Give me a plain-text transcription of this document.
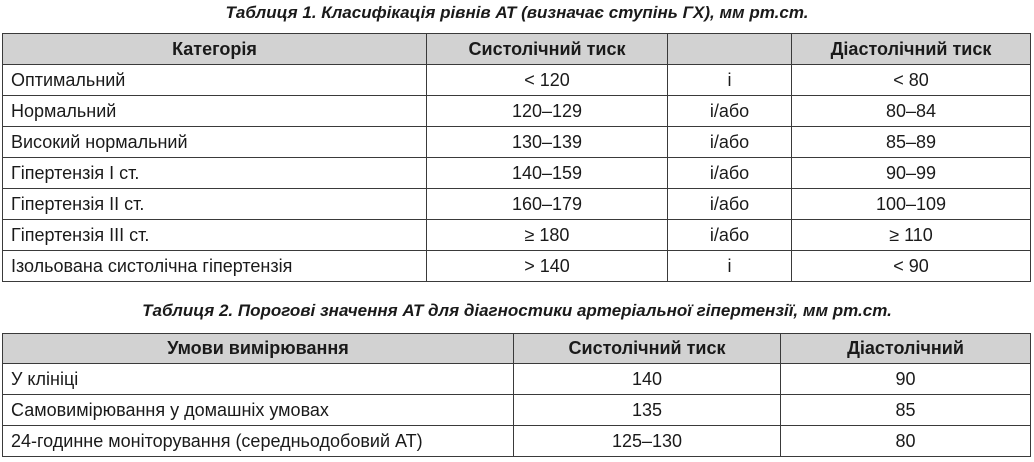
Таблиця 1. Класифікація рівнів АТ (визначає ступінь ГХ), мм рт.ст.
Категорія	Систолічний тиск		Діастолічний тиск
Оптимальний	< 120	і	< 80
Нормальний	120–129	і/або	80–84
Високий нормальний	130–139	і/або	85–89
Гіпертензія I ст.	140–159	і/або	90–99
Гіпертензія II ст.	160–179	і/або	100–109
Гіпертензія III ст.	≥ 180	і/або	≥ 110
Ізольована систолічна гіпертензія	> 140	і	< 90
Таблиця 2. Порогові значення АТ для діагностики артеріальної гіпертензії, мм рт.ст.
Умови вимірювання	Систолічний тиск	Діастолічний
У клініці	140	90
Самовимірювання у домашніх умовах	135	85
24-годинне моніторування (середньодобовий АТ)	125–130	80
